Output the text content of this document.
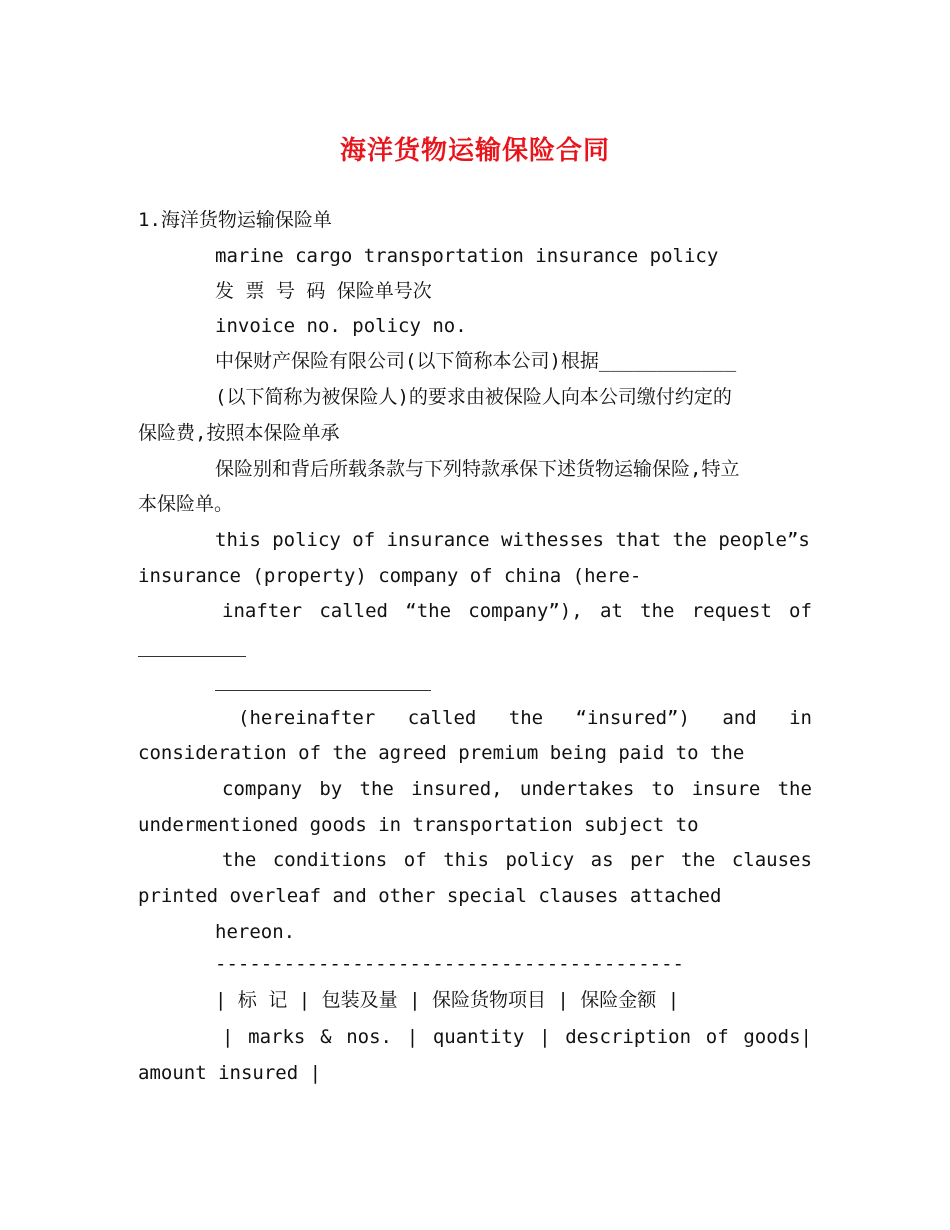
海洋货物运输保险合同
1.海洋货物运输保险单
marine cargo transportation insurance policy
发 票 号 码 保险单号次
invoice no. policy no.
中保财产保险有限公司(以下简称本公司)根据____________
(以下简称为被保险人)的要求由被保险人向本公司缴付约定的
保险费,按照本保险单承
保险别和背后所载条款与下列特款承保下述货物运输保险,特立
本保险单。
this policy of insurance withesses that the people”s
insurance (property) company of china (here-
inafter called “the company”), at the request of
(hereinafter called the “insured”) and in
consideration of the agreed premium being paid to the
company by the insured, undertakes to insure the
undermentioned goods in transportation subject to
the conditions of this policy as per the clauses
printed overleaf and other special clauses attached
hereon.
-----------------------------------------
| 标 记 | 包装及量 | 保险货物项目 | 保险金额 |
| marks & nos. | quantity | description of goods|
amount insured |
